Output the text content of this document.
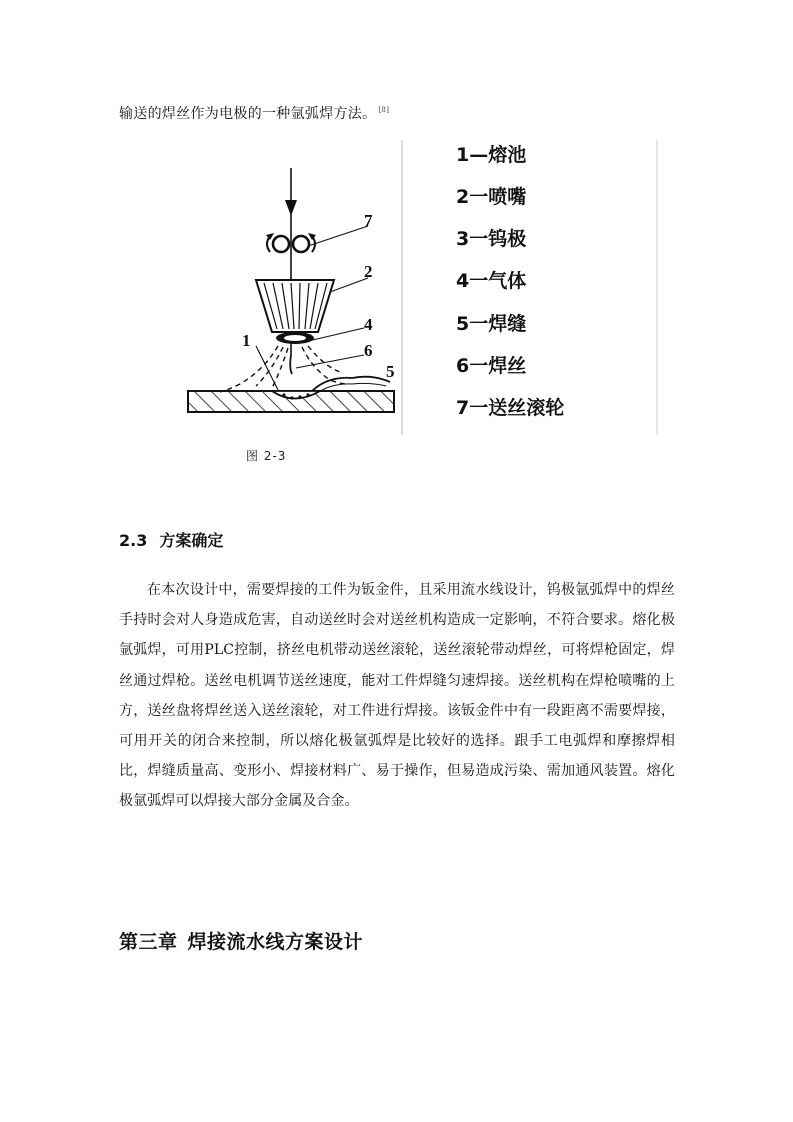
输送的焊丝作为电极的一种氩弧焊方法。 [8]
7
2
4
6
1
5
1—熔池
2一喷嘴
3一钨极
4一气体
5一焊缝
6一焊丝
7一送丝滚轮
图 2-3
2.3 方案确定
在本次设计中，需要焊接的工件为钣金件，且采用流水线设计，钨极氩弧焊中的焊丝手持时会对人身造成危害，自动送丝时会对送丝机构造成一定影响，不符合要求。熔化极氩弧焊，可用PLC控制，挤丝电机带动送丝滚轮，送丝滚轮带动焊丝，可将焊枪固定，焊丝通过焊枪。送丝电机调节送丝速度，能对工件焊缝匀速焊接。送丝机构在焊枪喷嘴的上方，送丝盘将焊丝送入送丝滚轮，对工件进行焊接。该钣金件中有一段距离不需要焊接，可用开关的闭合来控制，所以熔化极氩弧焊是比较好的选择。跟手工电弧焊和摩擦焊相比，焊缝质量高、变形小、焊接材料广、易于操作，但易造成污染、需加通风装置。熔化极氩弧焊可以焊接大部分金属及合金。
第三章 焊接流水线方案设计
